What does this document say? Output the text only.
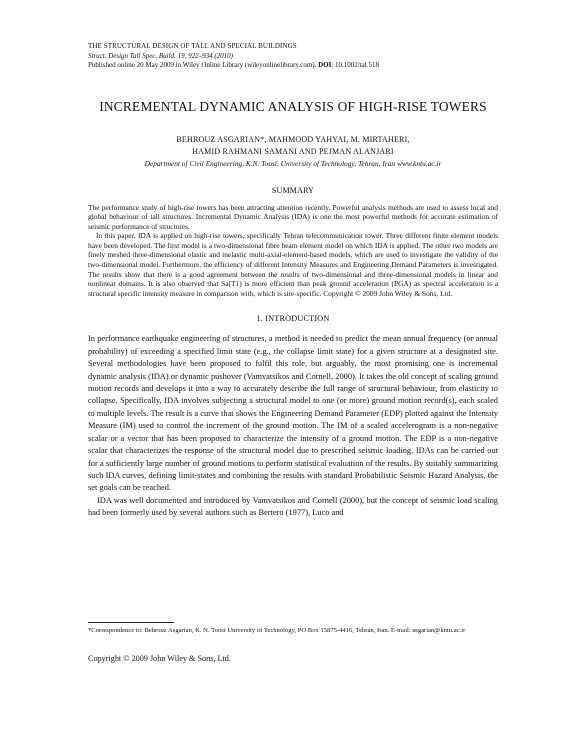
THE STRUCTURAL DESIGN OF TALL AND SPECIAL BUILDINGS
Struct. Design Tall Spec. Build. 19, 922–934 (2010)
Published online 20 May 2009 in Wiley Online Library (wileyonlinelibrary.com). DOI: 10.1002/tal.518
INCREMENTAL DYNAMIC ANALYSIS OF HIGH-RISE TOWERS
BEHROUZ ASGARIAN*, MAHMOOD YAHYAI, M. MIRTAHERI,
HAMID RAHMANI SAMANI AND PEJMAN ALANJARI
Department of Civil Engineering, K.N. Toosi, University of Technology, Tehran, Iran www.kntu.ac.ir
SUMMARY

The performance study of high-rise towers has been attracting attention recently. Powerful analysis methods are used to assess local and global behaviour of tall structures. Incremental Dynamic Analysis (IDA) is one the most powerful methods for accurate estimation of seismic performance of structures.

In this paper, IDA is applied on high-rise towers, specifically Tehran telecommunication tower. Three different finite element models have been developed. The first model is a two-dimensional fibre beam element model on which IDA is applied. The other two models are finely meshed three-dimensional elastic and inelastic multi-axial-element-based models, which are used to investigate the validity of the two-dimensional model. Furthermore, the efficiency of different Intensity Measures and Engineering Demand Parameters is investigated. The results show that there is a good agreement between the results of two-dimensional and three-dimensional models in linear and nonlinear domains. It is also observed that Sa(T1) is more efficient than peak ground acceleration (PGA) as spectral acceleration is a structural specific intensity measure in comparison with, which is site-specific. Copyright © 2009 John Wiley & Sons, Ltd.

1. INTRODUCTION

In performance earthquake engineering of structures, a method is needed to predict the mean annual frequency (or annual probability) of exceeding a specified limit state (e.g., the collapse limit state) for a given structure at a designated site. Several methodologies have been proposed to fulfil this role, but arguably, the most promising one is incremental dynamic analysis (IDA) or dynamic pushover (Vamvatsikos and Cornell, 2000). It takes the old concept of scaling ground motion records and develops it into a way to accurately describe the full range of structural behaviour, from elasticity to collapse. Specifically, IDA involves subjecting a structural model to one (or more) ground motion record(s), each scaled to multiple levels. The result is a curve that shows the Engineering Demand Parameter (EDP) plotted against the Intensity Measure (IM) used to control the increment of the ground motion. The IM of a scaled accelerogram is a non-negative scalar or a vector that has been proposed to characterize the intensity of a ground motion. The EDP is a non-negative scalar that characterizes the response of the structural model due to prescribed seismic loading. IDAs can be carried out for a sufficiently large number of ground motions to perform statistical evaluation of the results. By suitably summarizing such IDA curves, defining limit-states and combining the results with standard Probabilistic Seismic Hazard Analysis, the set goals can be reached.

IDA was well documented and introduced by Vamvatsikos and Cornell (2000), but the concept of seismic load scaling had been formerly used by several authors such as Bertero (1977), Luco and

*Correspondence to: Behrouz Asgarian, K. N. Toosi University of Technology, PO Box 15875-4416, Tehran, Iran. E-mail: asgarian@kntu.ac.ir
Copyright © 2009 John Wiley & Sons, Ltd.
